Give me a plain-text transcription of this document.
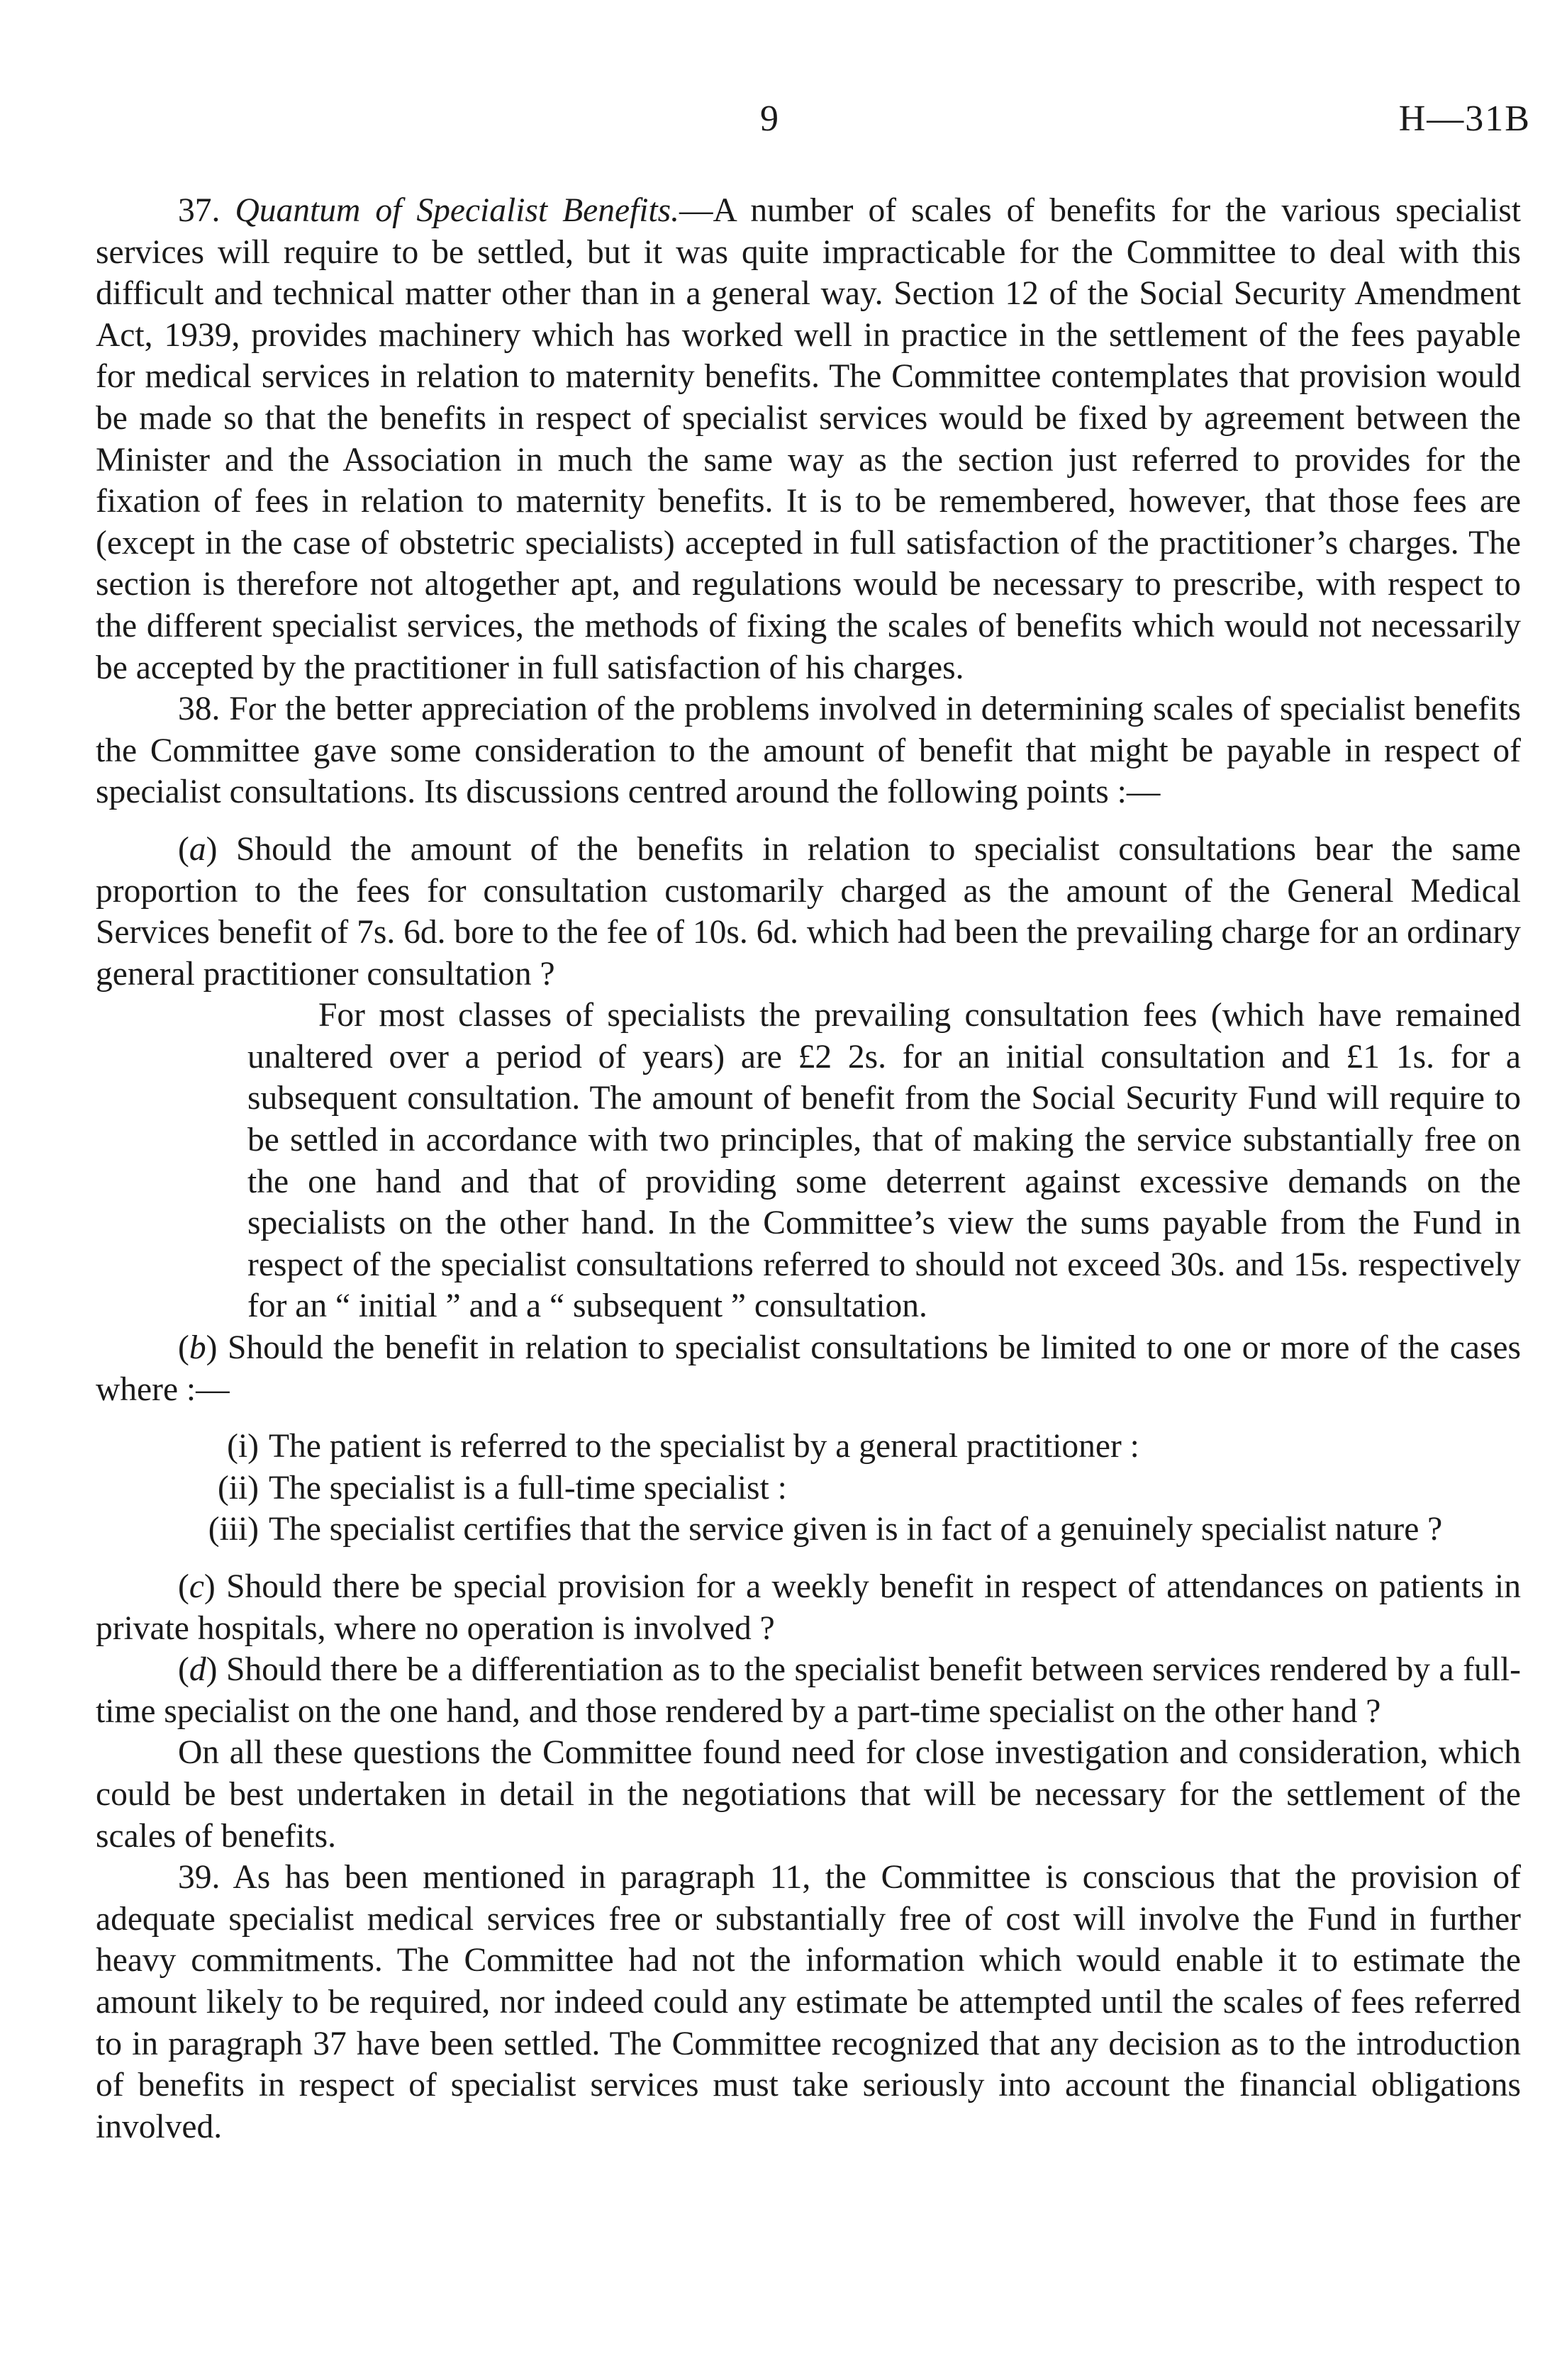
9	H—31B

37. Quantum of Specialist Benefits.—A number of scales of benefits for the various specialist services will require to be settled, but it was quite impracticable for the Committee to deal with this difficult and technical matter other than in a general way. Section 12 of the Social Security Amendment Act, 1939, provides machinery which has worked well in practice in the settlement of the fees payable for medical services in relation to maternity benefits. The Committee contemplates that provision would be made so that the benefits in respect of specialist services would be fixed by agreement between the Minister and the Association in much the same way as the section just referred to provides for the fixation of fees in relation to maternity benefits. It is to be remembered, however, that those fees are (except in the case of obstetric specialists) accepted in full satisfaction of the practitioner’s charges. The section is therefore not altogether apt, and regulations would be necessary to prescribe, with respect to the different specialist services, the methods of fixing the scales of benefits which would not necessarily be accepted by the practitioner in full satisfaction of his charges.

38. For the better appreciation of the problems involved in determining scales of specialist benefits the Committee gave some consideration to the amount of benefit that might be payable in respect of specialist consultations. Its discussions centred around the following points :—

(a) Should the amount of the benefits in relation to specialist consultations bear the same proportion to the fees for consultation customarily charged as the amount of the General Medical Services benefit of 7s. 6d. bore to the fee of 10s. 6d. which had been the prevailing charge for an ordinary general practitioner consultation ?

For most classes of specialists the prevailing consultation fees (which have remained unaltered over a period of years) are £2 2s. for an initial consultation and £1 1s. for a subsequent consultation. The amount of benefit from the Social Security Fund will require to be settled in accordance with two principles, that of making the service substantially free on the one hand and that of providing some deterrent against excessive demands on the specialists on the other hand. In the Committee’s view the sums payable from the Fund in respect of the specialist consultations referred to should not exceed 30s. and 15s. respectively for an “ initial ” and a “ subsequent ” consultation.

(b) Should the benefit in relation to specialist consultations be limited to one or more of the cases where :—

(i) The patient is referred to the specialist by a general practitioner :
(ii) The specialist is a full-time specialist :
(iii) The specialist certifies that the service given is in fact of a genuinely specialist nature ?

(c) Should there be special provision for a weekly benefit in respect of attendances on patients in private hospitals, where no operation is involved ?

(d) Should there be a differentiation as to the specialist benefit between services rendered by a full-time specialist on the one hand, and those rendered by a part-time specialist on the other hand ?

On all these questions the Committee found need for close investigation and consideration, which could be best undertaken in detail in the negotiations that will be necessary for the settlement of the scales of benefits.

39. As has been mentioned in paragraph 11, the Committee is conscious that the provision of adequate specialist medical services free or substantially free of cost will involve the Fund in further heavy commitments. The Committee had not the information which would enable it to estimate the amount likely to be required, nor indeed could any estimate be attempted until the scales of fees referred to in paragraph 37 have been settled. The Committee recognized that any decision as to the introduction of benefits in respect of specialist services must take seriously into account the financial obligations involved.
